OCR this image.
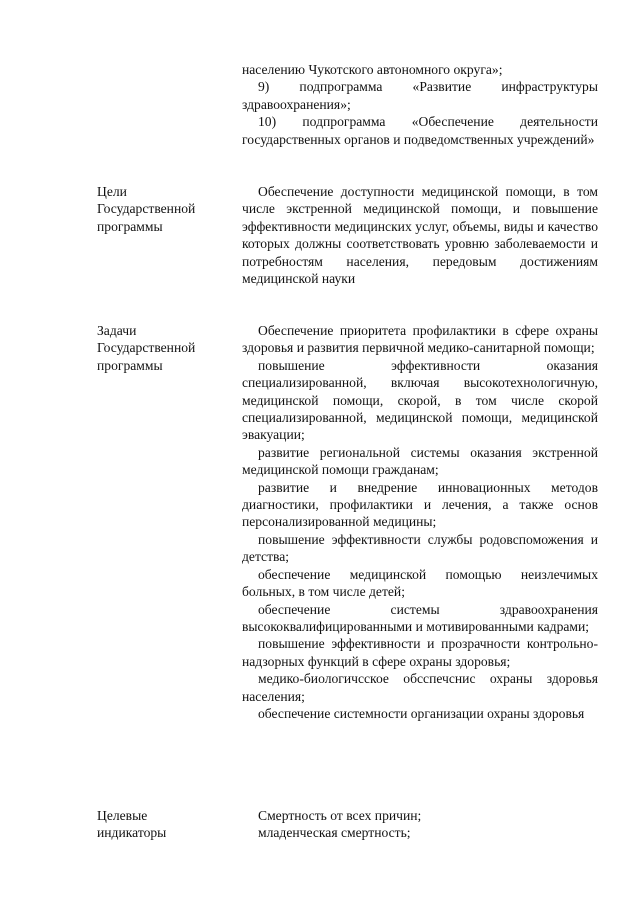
населению Чукотского автономного округа»;

9) подпрограмма «Развитие инфраструктуры здравоохранения»;

10) подпрограмма «Обеспечение деятельности государственных органов и подведомственных учреждений»

Цели
Государственной
программы

Обеспечение доступности медицинской помощи, в том числе экстренной медицинской помощи, и повышение эффективности медицинских услуг, объемы, виды и качество которых должны соответствовать уровню заболеваемости и потребностям населения, передовым достижениям медицинской науки

Задачи
Государственной
программы

Обеспечение приоритета профилактики в сфере охраны здоровья и развития первичной медико-санитарной помощи;

повышение эффективности оказания специализированной, включая высокотехнологичную, медицинской помощи, скорой, в том числе скорой специализированной, медицинской помощи, медицинской эвакуации;

развитие региональной системы оказания экстренной медицинской помощи гражданам;

развитие и внедрение инновационных методов диагностики, профилактики и лечения, а также основ персонализированной медицины;

повышение эффективности службы родовспоможения и детства;

обеспечение медицинской помощью неизлечимых больных, в том числе детей;

обеспечение системы здравоохранения высококвалифицированными и мотивированными кадрами;

повышение эффективности и прозрачности контрольно-надзорных функций в сфере охраны здоровья;

медико-биологичсское обсспечснис охраны здоровья населения;

обеспечение системности организации охраны здоровья

Целевые
индикаторы

Смертность от всех причин;

младенческая смертность;
